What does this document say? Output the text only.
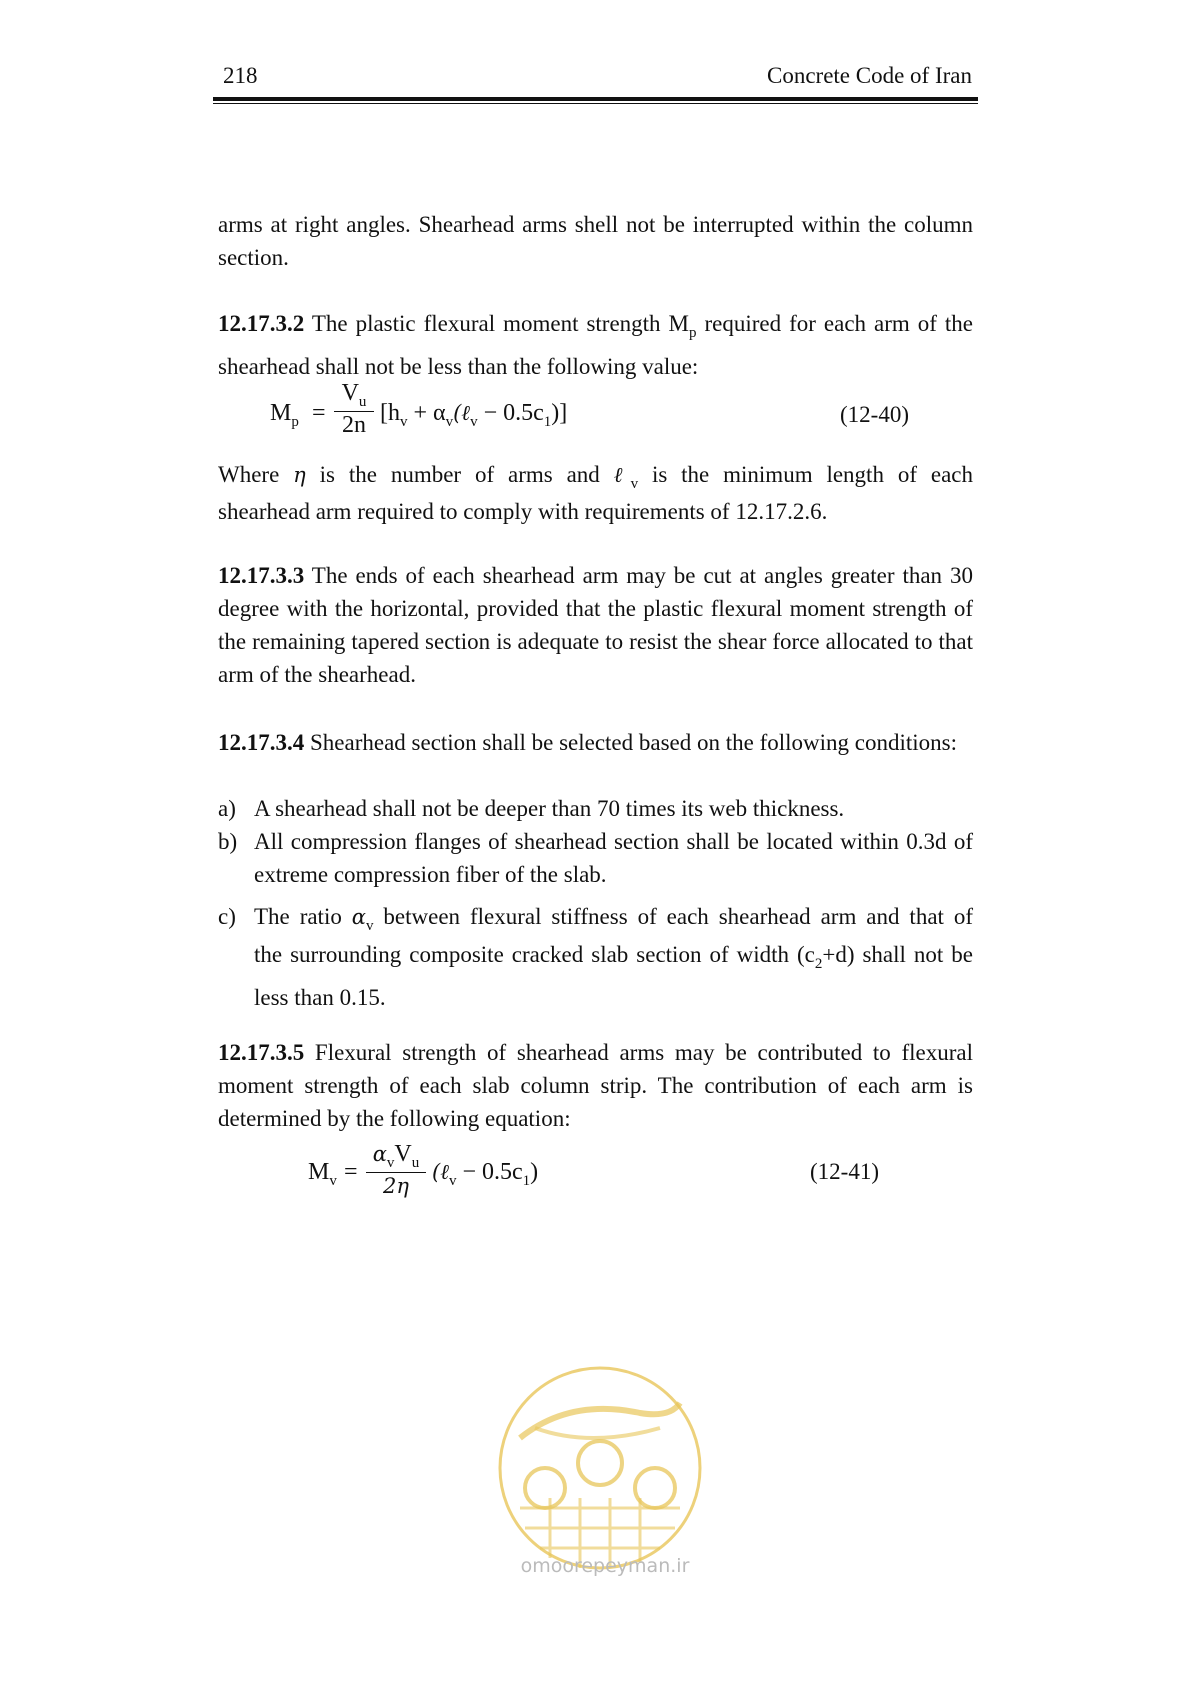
218	Concrete Code of Iran
arms at right angles. Shearhead arms shell not be interrupted within the column section.
12.17.3.2 The plastic flexural moment strength $M_p$ required for each arm of the shearhead shall not be less than the following value:
$M_p$ =
$V_u$
2n [$h_v$ + $\alpha_v(\ell_v - 0.5c_1)$]	(12-40)
Where η is the number of arms and ℓ$_v$ is the minimum length of each
shearhead arm required to comply with requirements of 12.17.2.6.
12.17.3.3 The ends of each shearhead arm may be cut at angles greater than 30 degree with the horizontal, provided that the plastic flexural moment strength of the remaining tapered section is adequate to resist the shear force allocated to that arm of the shearhead.
12.17.3.4 Shearhead section shall be selected based on the following conditions:
a) A shearhead shall not be deeper than 70 times its web thickness.
b) All compression flanges of shearhead section shall be located within 0.3d of extreme compression fiber of the slab.
c) The ratio $\alpha_v$ between flexural stiffness of each shearhead arm and that of
the surrounding composite cracked slab section of width $(c_2+d)$ shall not be less than 0.15.
12.17.3.5 Flexural strength of shearhead arms may be contributed to flexural moment strength of each slab column strip. The contribution of each arm is determined by the following equation:
$M_v$ =
$\alpha_vV_u$
2η
(ℓ$_v$ − $0.5c_1$)	(12-41)
omoorepeyman.ir
